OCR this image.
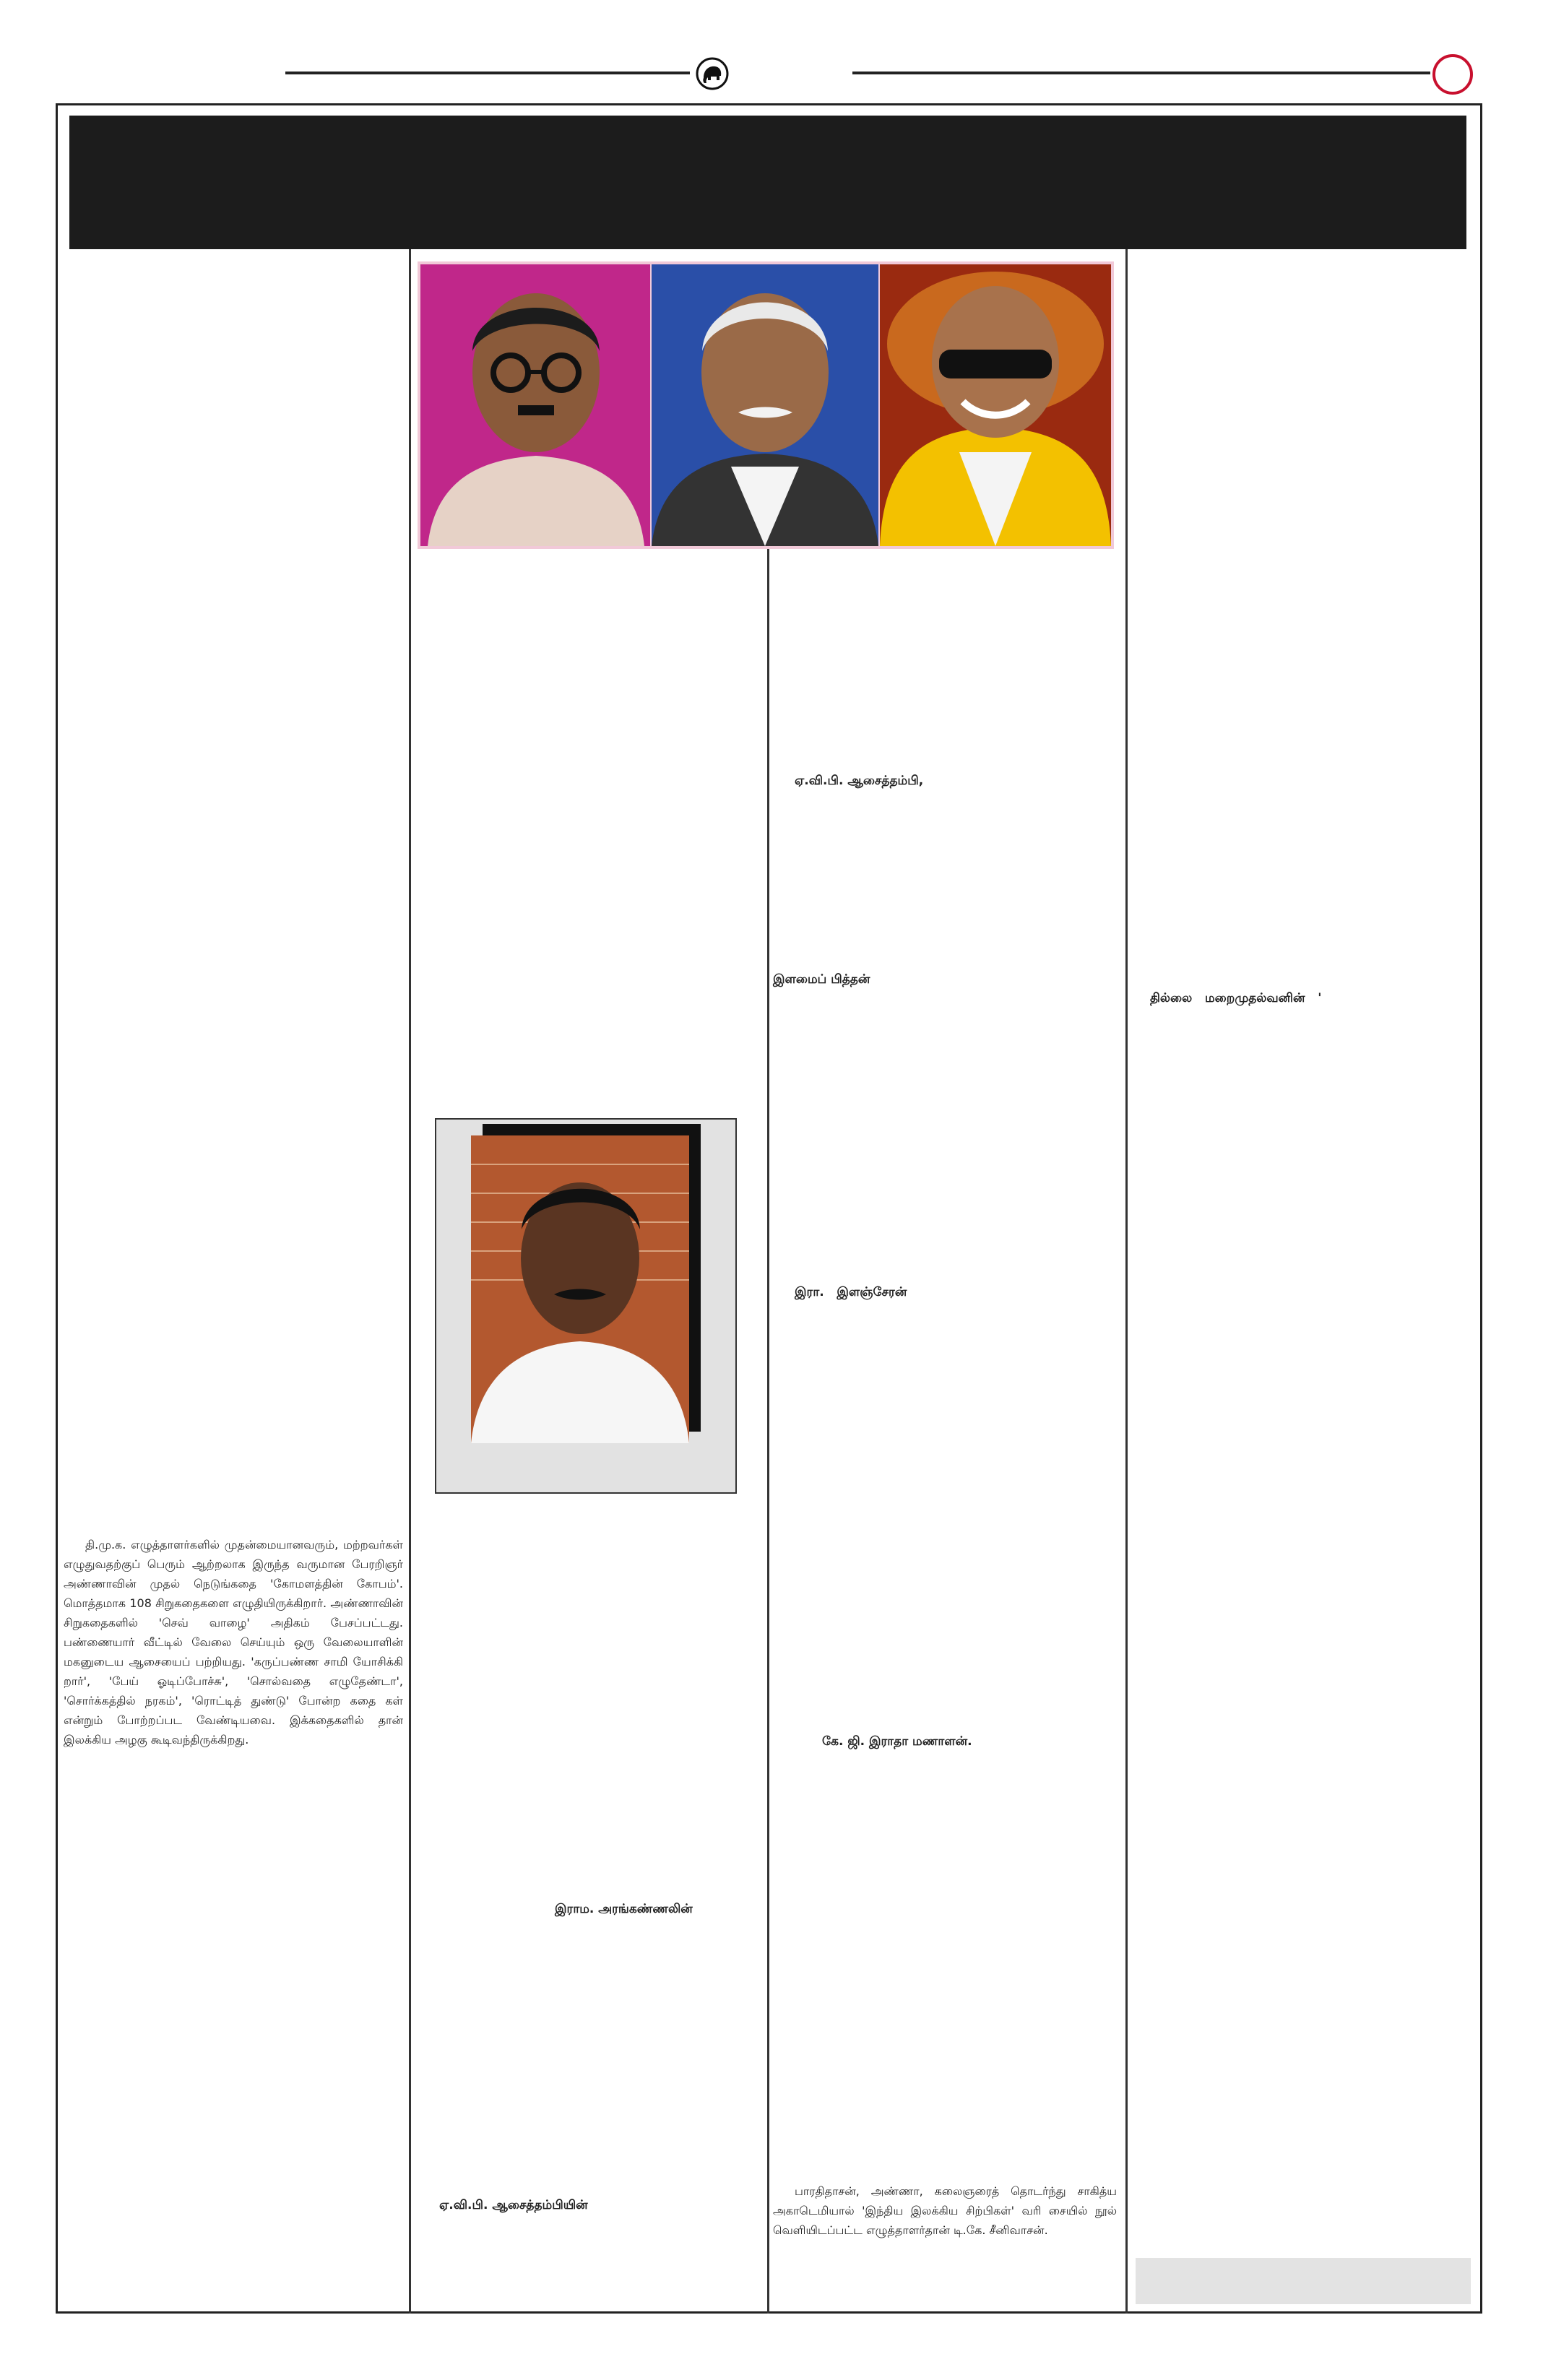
தி.மு.க. எழுத்தாளர்களில் முதன்மையானவரும், மற்றவர்கள் எழுதுவதற்குப் பெரும் ஆற்றலாக இருந்த வருமான பேரறிஞர் அண்ணாவின் முதல் நெடுங்கதை 'கோமளத்தின் கோபம்'. மொத்தமாக 108 சிறுகதைகளை எழுதியிருக்கிறார். அண்ணாவின் சிறுகதைகளில் 'செவ் வாழை' அதிகம் பேசப்பட்டது. பண்ணையார் வீட்டில் வேலை செய்யும் ஒரு வேலையாளின் மகனுடைய ஆசையைப் பற்றியது. 'கருப்பண்ண சாமி யோசிக்கி றார்', 'பேய் ஓடிப்போச்சு', 'சொல்வதை எழுதேண்டா', 'சொர்க்கத்தில் நரகம்', 'ரொட்டித் துண்டு' போன்ற கதை கள் என்றும் போற்றப்பட வேண்டியவை. இக்கதைகளில் தான் இலக்கிய அழகு கூடிவந்திருக்கிறது.
இராம. அரங்கண்ணலின்
ஏ.வி.பி. ஆசைத்தம்பியின்
ஏ.வி.பி. ஆசைத்தம்பி,
இளமைப் பித்தன்
இரா.   இளஞ்சேரன்
கே. ஜி. இராதா மணாளன்.
பாரதிதாசன், அண்ணா, கலைஞரைத் தொடர்ந்து சாகித்ய அகாடெமியால் 'இந்திய இலக்கிய சிற்பிகள்' வரி சையில் நூல் வெளியிடப்பட்ட எழுத்தாளர்தான் டி.கே. சீனிவாசன்.
தில்லை   மறைமுதல்வனின்   '
